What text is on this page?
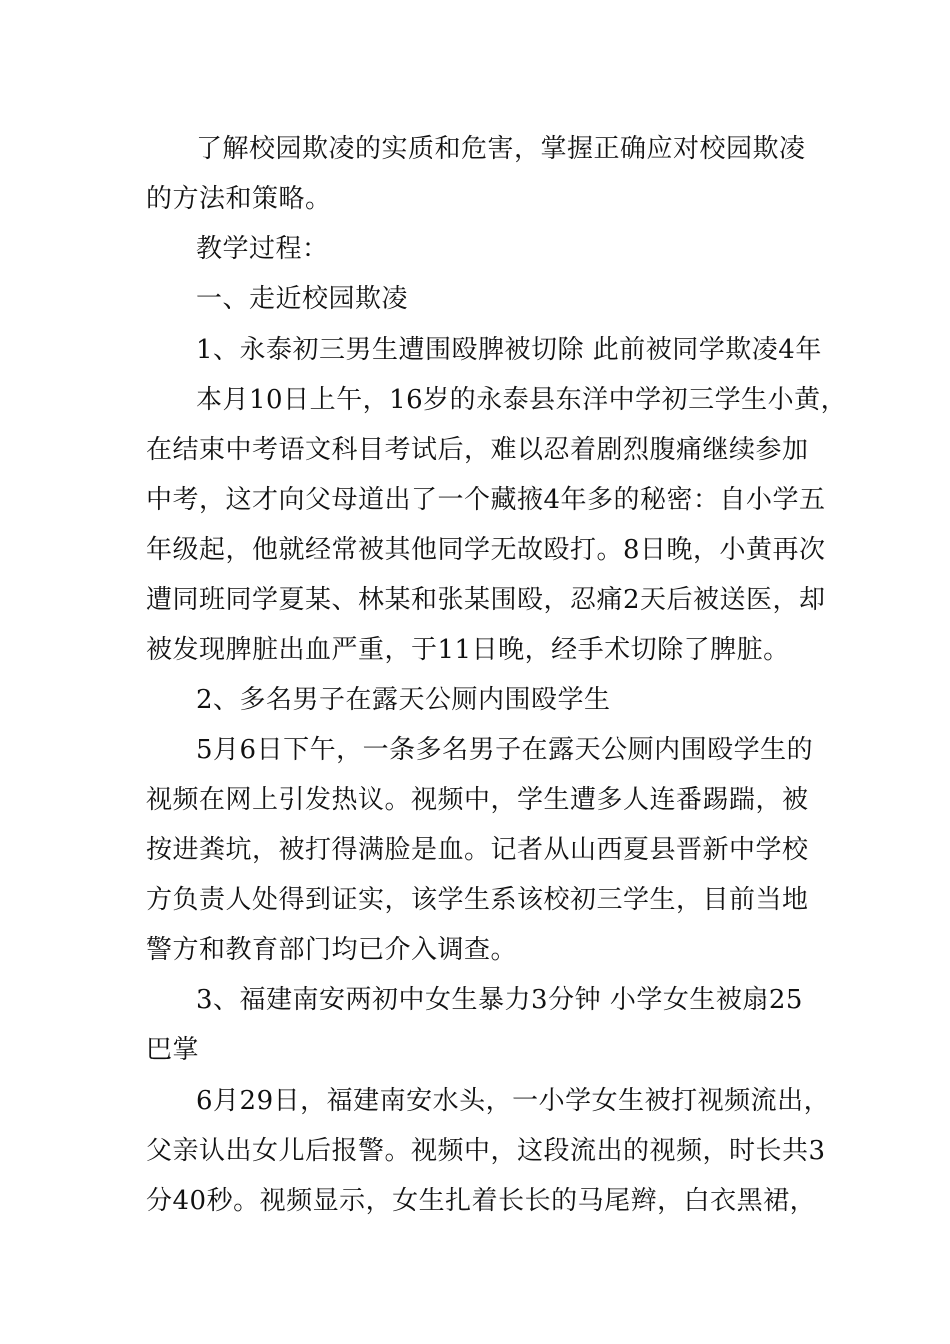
了解校园欺凌的实质和危害，掌握正确应对校园欺凌
的方法和策略。
教学过程：
一、走近校园欺凌
1、永泰初三男生遭围殴脾被切除 此前被同学欺凌4年
本月10日上午，16岁的永泰县东洋中学初三学生小黄，
在结束中考语文科目考试后，难以忍着剧烈腹痛继续参加
中考，这才向父母道出了一个藏掖4年多的秘密：自小学五
年级起，他就经常被其他同学无故殴打。8日晚，小黄再次
遭同班同学夏某、林某和张某围殴，忍痛2天后被送医，却
被发现脾脏出血严重，于11日晚，经手术切除了脾脏。
2、多名男子在露天公厕内围殴学生
5月6日下午，一条多名男子在露天公厕内围殴学生的
视频在网上引发热议。视频中，学生遭多人连番踢踹，被
按进粪坑，被打得满脸是血。记者从山西夏县晋新中学校
方负责人处得到证实，该学生系该校初三学生，目前当地
警方和教育部门均已介入调查。
3、福建南安两初中女生暴力3分钟 小学女生被扇25
巴掌
6月29日，福建南安水头，一小学女生被打视频流出，
父亲认出女儿后报警。视频中，这段流出的视频，时长共3
分40秒。视频显示，女生扎着长长的马尾辫，白衣黑裙，
